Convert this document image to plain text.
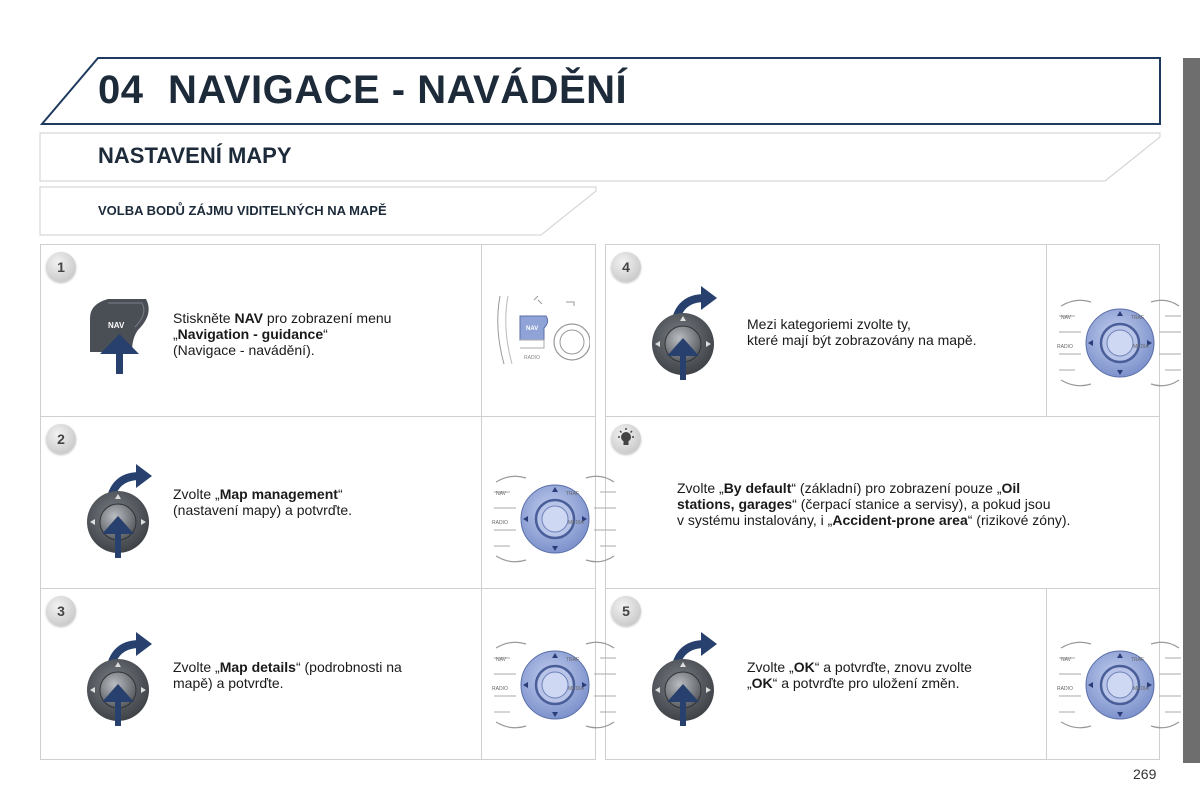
04 NAVIGACE - NAVÁDĚNÍ
NASTAVENÍ MAPY
VOLBA BODŮ ZÁJMU VIDITELNÝCH NA MAPĚ
1
2
3
4
5
NAV	NAV
RADIO
NAV	TRAF
RADIO	MEDIA
NAV	TRAF
RADIO	MEDIA
NAV	TRAF
RADIO	MEDIA
NAV	TRAF
RADIO	MEDIA
Stiskněte NAV pro zobrazení menu
„Navigation - guidance“
(Navigace - navádění).
Zvolte „Map management“
(nastavení mapy) a potvrďte.
Zvolte „Map details“ (podrobnosti na
mapě) a potvrďte.
Mezi kategoriemi zvolte ty,
které mají být zobrazovány na mapě.
Zvolte „By default“ (základní) pro zobrazení pouze „Oil
stations, garages“ (čerpací stanice a servisy), a pokud jsou
v systému instalovány, i „Accident-prone area“ (rizikové zóny).
Zvolte „OK“ a potvrďte, znovu zvolte
„OK“ a potvrďte pro uložení změn.
269
